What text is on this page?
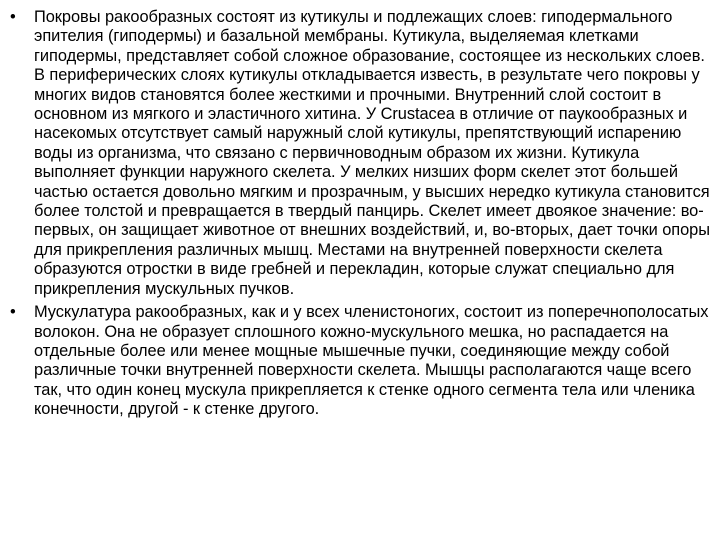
•	Покровы ракообразных состоят из кутикулы и подлежащих слоев: гиподермального эпителия (гиподермы) и базальной мембраны. Кутикула, выделяемая клетками гиподермы, представляет собой сложное образование, состоящее из нескольких слоев. В периферических слоях кутикулы откладывается известь, в результате чего покровы у многих видов становятся более жесткими и прочными. Внутренний слой состоит в основном из мягкого и эластичного хитина. У Crustacea в отличие от паукообразных и насекомых отсутствует самый наружный слой кутикулы, препятствующий испарению воды из организма, что связано с первичноводным образом их жизни. Кутикула выполняет функции наружного скелета. У мелких низших форм скелет этот большей частью остается довольно мягким и прозрачным, у высших нередко кутикула становится более толстой и превращается в твердый панцирь. Скелет имеет двоякое значение: во-первых, он защищает животное от внешних воздействий, и, во-вторых, дает точки опоры для прикрепления различных мышц. Местами на внутренней поверхности скелета образуются отростки в виде гребней и перекладин, которые служат специально для прикрепления мускульных пучков.
•	Мускулатура ракообразных, как и у всех членистоногих, состоит из поперечнополосатых волокон. Она не образует сплошного кожно-мускульного мешка, но распадается на отдельные более или менее мощные мышечные пучки, соединяющие между собой различные точки внутренней поверхности скелета. Мышцы располагаются чаще всего так, что один конец мускула прикрепляется к стенке одного сегмента тела или членика конечности, другой - к стенке другого.
